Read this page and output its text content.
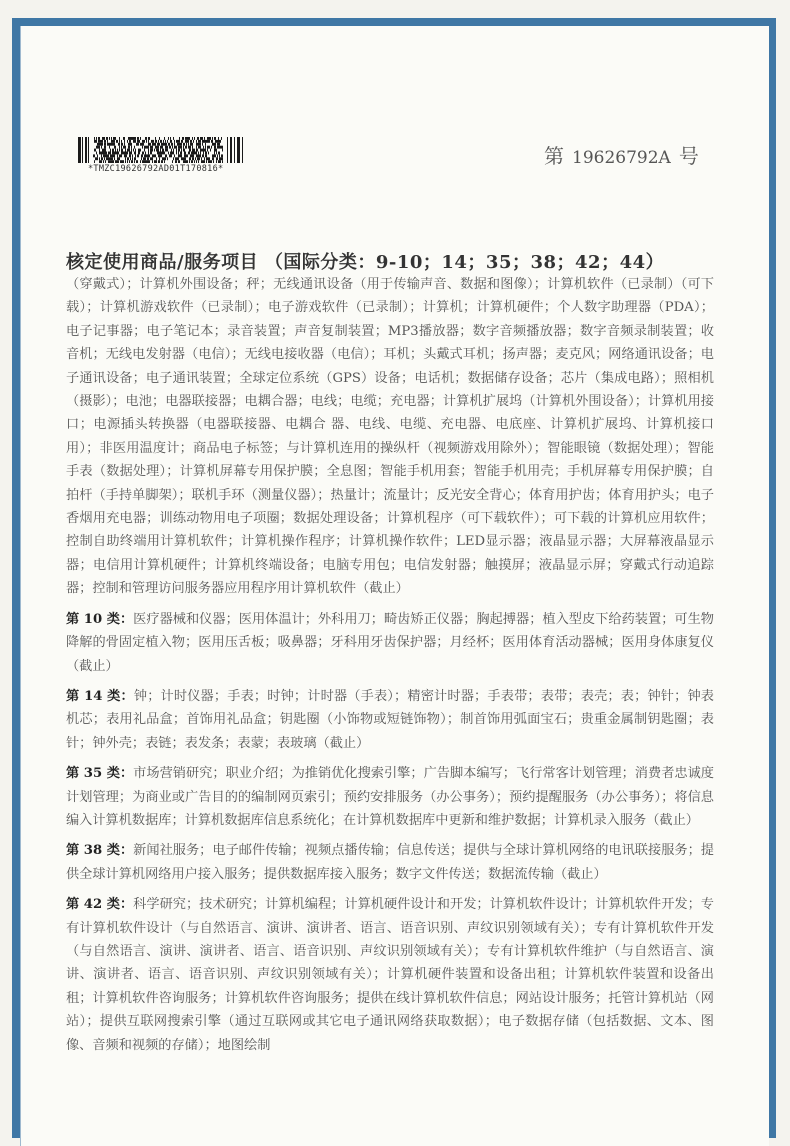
*TMZC19626792AD01T170816*
第 19626792A 号
核定使用商品/服务项目 （国际分类：9-10；14；35；38；42；44）

（穿戴式）；计算机外围设备；秤；无线通讯设备（用于传输声音、数据和图像）；计算机软件（已录制）（可下载）；计算机游戏软件（已录制）；电子游戏软件（已录制）；计算机；计算机硬件；个人数字助理器（PDA）；电子记事器；电子笔记本；录音装置；声音复制装置；MP3播放器；数字音频播放器；数字音频录制装置；收音机；无线电发射器（电信）；无线电接收器（电信）；耳机；头戴式耳机；扬声器；麦克风；网络通讯设备；电子通讯设备；电子通讯装置；全球定位系统（GPS）设备；电话机；数据储存设备；芯片（集成电路）；照相机（摄影）；电池；电器联接器；电耦合器；电线；电缆；充电器；计算机扩展坞（计算机外围设备）；计算机用接口；电源插头转换器（电器联接器、电耦合 器、电线、电缆、充电器、电底座、计算机扩展坞、计算机接口用）；非医用温度计；商品电子标签；与计算机连用的操纵杆（视频游戏用除外）；智能眼镜（数据处理）；智能手表（数据处理）；计算机屏幕专用保护膜；全息图；智能手机用套；智能手机用壳；手机屏幕专用保护膜；自拍杆（手持单脚架）；联机手环（测量仪器）；热量计；流量计；反光安全背心；体育用护齿；体育用护头；电子香烟用充电器；训练动物用电子项圈；数据处理设备；计算机程序（可下载软件）；可下载的计算机应用软件；控制自助终端用计算机软件；计算机操作程序；计算机操作软件；LED显示器；液晶显示器；大屏幕液晶显示器；电信用计算机硬件；计算机终端设备；电脑专用包；电信发射器；触摸屏；液晶显示屏；穿戴式行动追踪器；控制和管理访问服务器应用程序用计算机软件（截止）

第 10 类：医疗器械和仪器；医用体温计；外科用刀；畸齿矫正仪器；胸起搏器；植入型皮下给药装置；可生物降解的骨固定植入物；医用压舌板；吸鼻器；牙科用牙齿保护器；月经杯；医用体育活动器械；医用身体康复仪（截止）

第 14 类：钟；计时仪器；手表；时钟；计时器（手表）；精密计时器；手表带；表带；表壳；表；钟针；钟表机芯；表用礼品盒；首饰用礼品盒；钥匙圈（小饰物或短链饰物）；制首饰用弧面宝石；贵重金属制钥匙圈；表针；钟外壳；表链；表发条；表蒙；表玻璃（截止）

第 35 类：市场营销研究；职业介绍；为推销优化搜索引擎；广告脚本编写；飞行常客计划管理；消费者忠诚度计划管理；为商业或广告目的的编制网页索引；预约安排服务（办公事务）；预约提醒服务（办公事务）；将信息编入计算机数据库；计算机数据库信息系统化；在计算机数据库中更新和维护数据；计算机录入服务（截止）

第 38 类：新闻社服务；电子邮件传输；视频点播传输；信息传送；提供与全球计算机网络的电讯联接服务；提供全球计算机网络用户接入服务；提供数据库接入服务；数字文件传送；数据流传输（截止）

第 42 类：科学研究；技术研究；计算机编程；计算机硬件设计和开发；计算机软件设计；计算机软件开发；专有计算机软件设计（与自然语言、演讲、演讲者、语言、语音识别、声纹识别领域有关）；专有计算机软件开发（与自然语言、演讲、演讲者、语言、语音识别、声纹识别领域有关）；专有计算机软件维护（与自然语言、演讲、演讲者、语言、语音识别、声纹识别领域有关）；计算机硬件装置和设备出租；计算机软件装置和设备出租；计算机软件咨询服务；计算机软件咨询服务；提供在线计算机软件信息；网站设计服务；托管计算机站（网站）；提供互联网搜索引擎（通过互联网或其它电子通讯网络获取数据）；电子数据存储（包括数据、文本、图像、音频和视频的存储）；地图绘制
